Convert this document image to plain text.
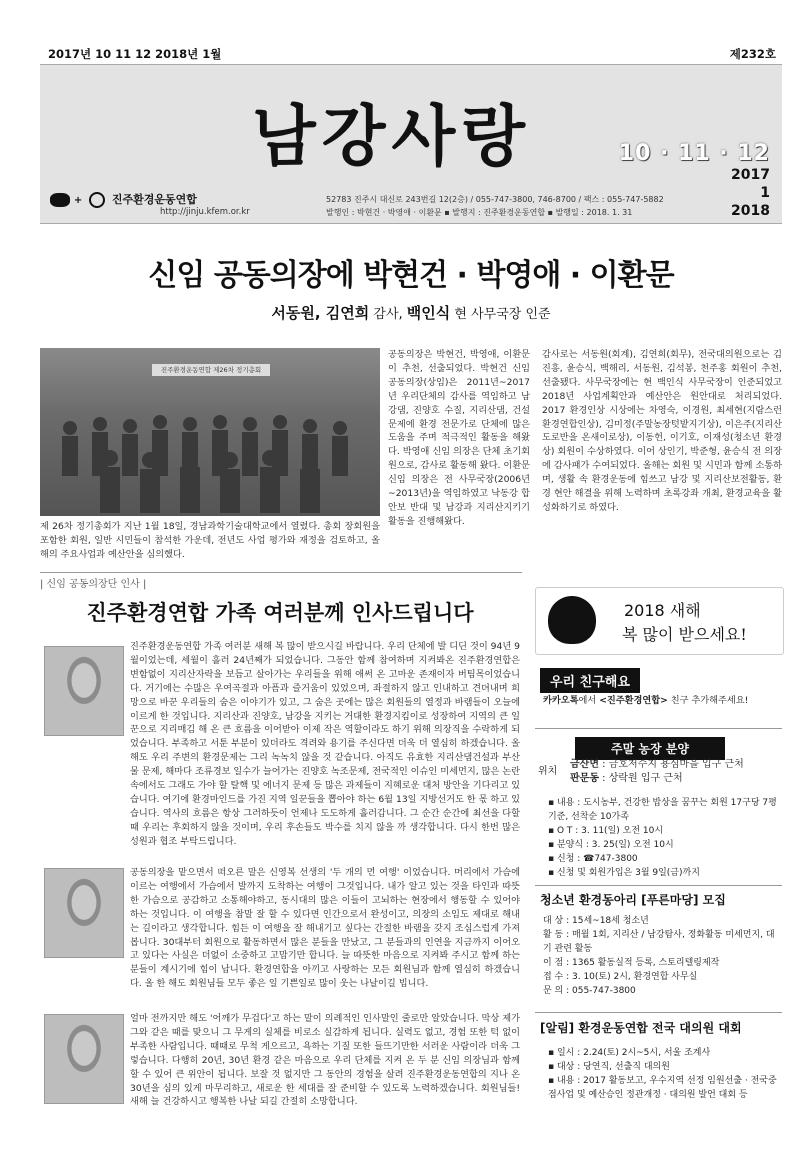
2017년 10 11 12 2018년 1월	제232호
남강사랑	10 · 11 · 12
2017
1
2018
+	진주환경운동연합
http://jinju.kfem.or.kr
52783 진주시 대신로 243번길 12(2층) / 055-747-3800, 746-8700 / 팩스 : 055-747-5882
발행인 : 박현건 · 박영애 · 이환문 ▪ 발행지 : 진주환경운동연합 ▪ 발행일 : 2018. 1. 31
신임 공동의장에 박현건 · 박영애 · 이환문
서동원, 김연희 감사, 백인식 현 사무국장 인준
진주환경운동연합 제26차 정기총회
제 26차 정기총회가 지난 1월 18일, 경남과학기술대학교에서 열렸다. 총회 장회원을 포함한 회원, 일반 시민들이 참석한 가운데, 전년도 사업 평가와 재정을 검토하고, 올해의 주요사업과 예산안을 심의했다.
공동의장은 박현건, 박영애, 이환문이 추천, 선출되었다. 박현건 신임 공동의장(상임)은 2011년~2017년 우리단체의 감사를 역임하고 남강댐, 진양호 수질, 지리산댐, 건설문제에 환경 전문가로 단체에 많은 도움을 주며 적극적인 활동을 해왔다. 박영애 신임 의장은 단체 초기회원으로, 감사로 활동해 왔다. 이환문 신임 의장은 전 사무국장(2006년~2013년)을 역임하였고 낙동강 합안보 반대 및 남강과 지리산지키기 활동을 진행해왔다.
감사로는 서동원(회계), 김연희(회무), 전국대의원으로는 김진흥, 윤승식, 백해리, 서동원, 김석봉, 천주홍 회원이 추천, 선출됐다. 사무국장에는 현 백인식 사무국장이 인준되었고 2018년 사업계획안과 예산안은 원안대로 처리되었다. 2017 환경인상 시상에는 차영숙, 이경원, 최세현(지람스런 환경연합인상), 김미정(주말농장텃밭지기상), 이은주(지리산도로반을 온새이로상), 이동헌, 이기호, 이재성(청소년 환경상) 회원이 수상하였다. 이어 상인기, 박준형, 윤승식 전 의장에 감사패가 수여되었다. 올해는 회원 및 시민과 함께 소통하며, 생활 속 환경운동에 힘쓰고 남강 및 지리산보전활동, 환경 현안 해결을 위해 노력하며 초록강좌 개최, 환경교육을 활성화하기로 하였다.
| 신임 공동의장단 인사 |
진주환경연합 가족 여러분께 인사드립니다
진주환경운동연합 가족 여러분 새해 복 많이 받으시길 바랍니다. 우리 단체에 발 디딘 것이 94년 9월이었는데, 세월이 흘러 24년째가 되었습니다. 그동안 함께 참여하며 지켜봐온 진주환경연합은 변함없이 지리산자락을 보듬고 살아가는 우리들을 위해 애써 온 고마운 존재이자 버팀목이었습니다. 거기에는 수많은 우여곡절과 아픔과 즐거움이 있었으며, 좌절하지 않고 인내하고 견뎌내며 희망으로 바꾼 우리들의 숨은 이야기가 있고, 그 숨은 곳에는 많은 회원들의 열정과 바램들이 오늘에 이르게 한 것입니다. 지리산과 진양호, 남강을 지키는 거대한 환경지킴이로 성장하여 지역의 큰 일꾼으로 지리매김 해 온 큰 흐름을 이어받아 이제 작은 역할이라도 하기 위해 의장직을 수락하게 되었습니다. 부족하고 서툰 부분이 있더라도 격려와 용기를 주신다면 더욱 더 열심히 하겠습니다. 올해도 우리 주변의 환경문제는 그리 녹녹치 않을 것 같습니다. 아직도 유효한 지리산댐건설과 부산 물 문제, 해마다 조류경보 일수가 늘어가는 진양호 녹조문제, 전국적인 이슈인 미세먼지, 많은 논란 속에서도 그래도 가야 할 탈핵 및 에너지 문제 등 많은 과제들이 지혜로운 대처 방안을 기다리고 있습니다. 여기에 환경마인드를 가진 지역 일꾼들을 뽑아야 하는 6월 13일 지방선거도 한 몫 하고 있습니다. 역사의 흐름은 항상 그러하듯이 언제나 도도하게 흘러갑니다. 그 순간 순간에 최선을 다할 때 우리는 후회하지 않을 것이며, 우리 후손들도 박수를 치지 않을 까 생각합니다. 다시 한번 많은 성원과 협조 부탁드립니다.
공동의장을 맡으면서 떠오른 말은 신영복 선생의 '두 개의 먼 여행' 이었습니다. 머리에서 가슴에 이르는 여행에서 가슴에서 발까지 도착하는 여행이 그것입니다. 내가 알고 있는 것을 타인과 따뜻한 가슴으로 공감하고 소통해야하고, 동시대의 많은 이들이 고뇌하는 현장에서 행동할 수 있어야 하는 것입니다. 이 여행을 참말 잘 할 수 있다면 인간으로서 완성이고, 의장의 소임도 제대로 해내는 길이라고 생각합니다. 힘든 이 여행을 잘 해내기고 싶다는 간절한 바램을 갖지 조심스럽게 가져봅니다. 30대부터 회원으로 활동하면서 많은 분들을 만났고, 그 분들과의 인연을 지금까지 이어오고 있다는 사실은 더없이 소중하고 고맙기만 합니다. 늘 따뜻한 마음으로 지켜봐 주시고 함께 하는 분들이 계시기에 힘이 납니다. 환경연합을 아끼고 사랑하는 모든 회원님과 함께 열심히 하겠습니다. 올 한 해도 회원님들 모두 좋은 일 기쁜일로 많이 웃는 나날이길 빕니다.
얼마 전까지만 해도 '어깨가 무겁다'고 하는 말이 의례적인 인사말인 줄로만 알았습니다. 막상 제가 그와 같은 때를 맞으니 그 무게의 실체를 비로소 실감하게 됩니다. 실력도 없고, 경험 또한 턱 없이 부족한 사람입니다. 때때로 무척 게으르고, 욕하는 기질 또한 들뜨기만한 서러운 사람이라 더욱 그렇습니다. 다행히 20년, 30년 환경 같은 마음으로 우리 단체를 지켜 온 두 분 신임 의장님과 함께 할 수 있어 큰 위안이 됩니다. 보잘 것 없지만 그 동안의 경험을 살려 진주환경운동연합의 지나 온 30년을 심의 있게 마무리하고, 새로운 한 세대를 잘 준비할 수 있도록 노력하겠습니다. 회원님들! 새해 늘 건강하시고 행복한 나날 되길 간절히 소망합니다.
2018 새해
복 많이 받으세요!
우리 친구해요
카카오톡에서 <진주환경연합> 친구 추가해주세요!
주말 농장 분양
위치
금산면 : 금호저수지 용심마을 입구 근처
판문동 : 상락원 입구 근처
▪ 내용 : 도시농부, 건강한 밥상을 꿈꾸는 회원 17구당 7평 기준, 선착순 10가족
▪ O T : 3. 11(일) 오전 10시
▪ 분양식 : 3. 25(일) 오전 10시
▪ 신청 : ☎747-3800
▪ 신청 및 회원가입은 3월 9일(금)까지
청소년 환경동아리 [푸른마당] 모집
대 상 : 15세~18세 청소년
활 동 : 매월 1회, 지리산 / 남강탐사, 정화활동 미세먼지, 대기 관련 활동
이 점 : 1365 활동실적 등록, 스토리텔링제작
접 수 : 3. 10(토) 2시, 환경연합 사무실
문 의 : 055-747-3800
[알림] 환경운동연합 전국 대의원 대회
▪ 일시 : 2.24(토) 2시~5시, 서울 조계사
▪ 대상 : 당연직, 선출직 대의원
▪ 내용 : 2017 활동보고, 우수지역 선정 임원선출 · 전국중점사업 및 예산승인 정관개정 · 대의원 발언 대회 등
